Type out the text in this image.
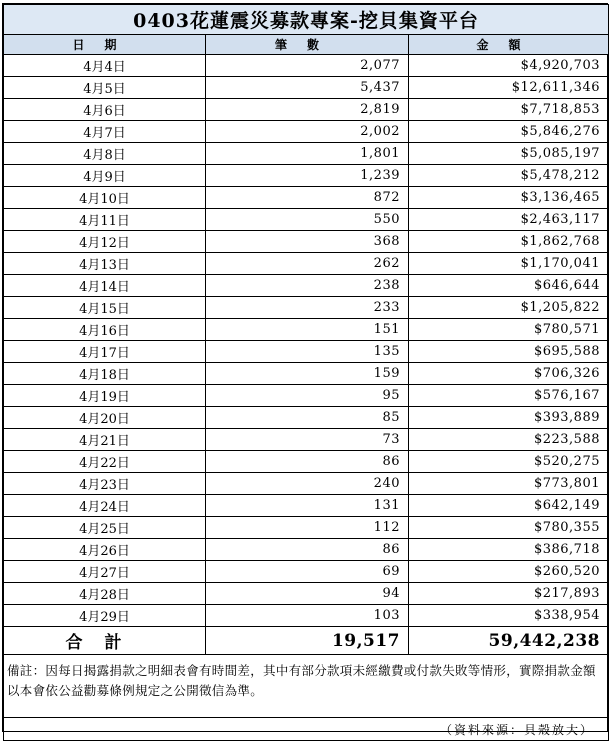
0403花蓮震災募款專案-挖貝集資平台		
日期	筆數	金額
4月4日	2,077	$4,920,703
4月5日	5,437	$12,611,346
4月6日	2,819	$7,718,853
4月7日	2,002	$5,846,276
4月8日	1,801	$5,085,197
4月9日	1,239	$5,478,212
4月10日	872	$3,136,465
4月11日	550	$2,463,117
4月12日	368	$1,862,768
4月13日	262	$1,170,041
4月14日	238	$646,644
4月15日	233	$1,205,822
4月16日	151	$780,571
4月17日	135	$695,588
4月18日	159	$706,326
4月19日	95	$576,167
4月20日	85	$393,889
4月21日	73	$223,588
4月22日	86	$520,275
4月23日	240	$773,801
4月24日	131	$642,149
4月25日	112	$780,355
4月26日	86	$386,718
4月27日	69	$260,520
4月28日	94	$217,893
4月29日	103	$338,954
合計	19,517	59,442,238
備註：因每日揭露捐款之明細表會有時間差，其中有部分款項未經繳費或付款失敗等情形，實際捐款金額以本會依公益勸募條例規定之公開徵信為準。		
（資料來源：貝殼放大）		
